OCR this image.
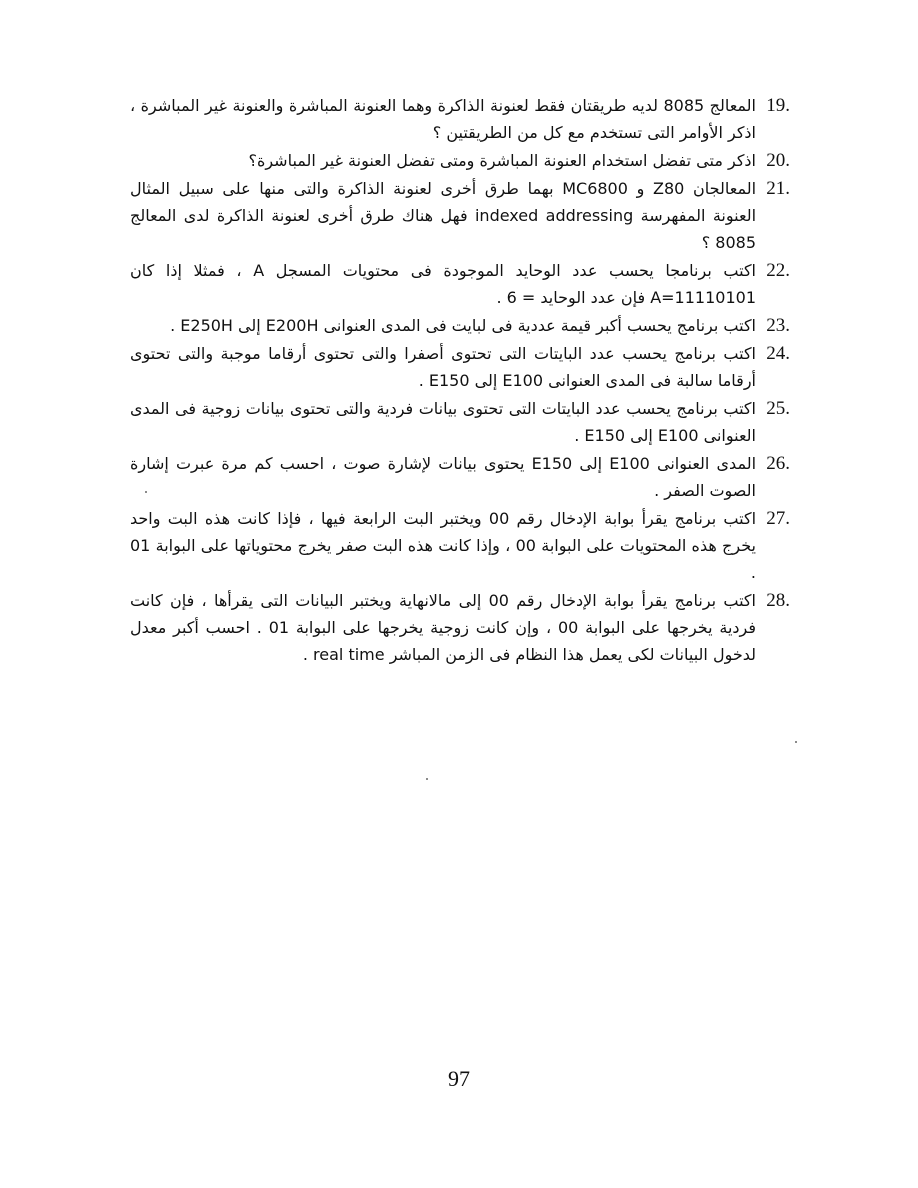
19.
المعالج 8085 لديه طريقتان فقط لعنونة الذاكرة وهما العنونة المباشرة والعنونة غير المباشرة ، اذكر الأوامر التى تستخدم مع كل من الطريقتين ؟
20.
اذكر متى تفضل استخدام العنونة المباشرة ومتى تفضل العنونة غير المباشرة؟
21.
المعالجان Z80 و MC6800 بهما طرق أخرى لعنونة الذاكرة والتى منها على سبيل المثال العنونة المفهرسة indexed addressing فهل هناك طرق أخرى لعنونة الذاكرة لدى المعالج 8085 ؟
22.
اكتب برنامجا يحسب عدد الوحايد الموجودة فى محتويات المسجل A ، فمثلا إذا كان A=11110101 فإن عدد الوحايد = 6 .
23.
اكتب برنامج يحسب أكبر قيمة عددية فى لبايت فى المدى العنوانى E200H إلى E250H .
24.
اكتب برنامج يحسب عدد البايتات التى تحتوى أصفرا والتى تحتوى أرقاما موجبة والتى تحتوى أرقاما سالبة فى المدى العنوانى E100 إلى E150 .
25.
اكتب برنامج يحسب عدد البايتات التى تحتوى بيانات فردية والتى تحتوى بيانات زوجية فى المدى العنوانى E100 إلى E150 .
26.
المدى العنوانى E100 إلى E150 يحتوى بيانات لإشارة صوت ، احسب كم مرة عبرت إشارة الصوت الصفر .
27.
اكتب برنامج يقرأ بوابة الإدخال رقم 00 ويختبر البت الرابعة فيها ، فإذا كانت هذه البت واحد يخرج هذه المحتويات على البوابة 00 ، وإذا كانت هذه البت صفر يخرج محتوياتها على البوابة 01 .
28.
اكتب برنامج يقرأ بوابة الإدخال رقم 00 إلى مالانهاية ويختبر البيانات التى يقرأها ، فإن كانت فردية يخرجها على البوابة 00 ، وإن كانت زوجية يخرجها على البوابة 01 . احسب أكبر معدل لدخول البيانات لكى يعمل هذا النظام فى الزمن المباشر real time .
97
